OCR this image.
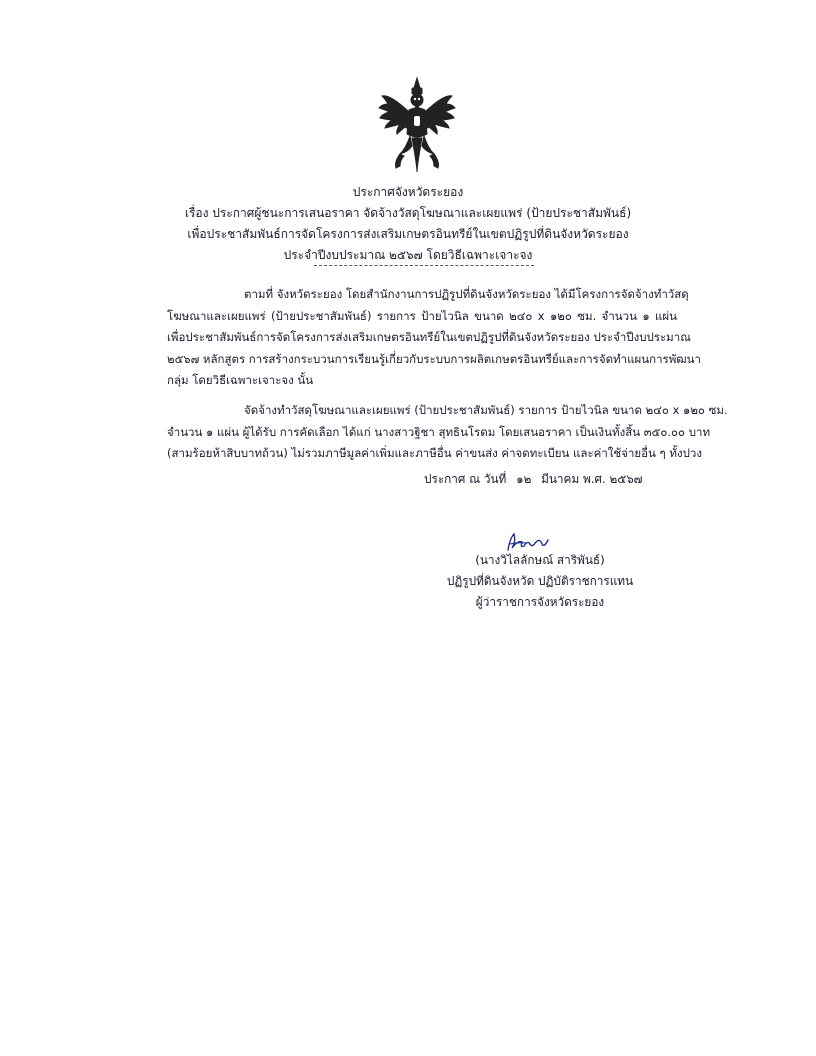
ประกาศจังหวัดระยอง
เรื่อง ประกาศผู้ชนะการเสนอราคา จัดจ้างวัสดุโฆษณาและเผยแพร่ (ป้ายประชาสัมพันธ์)
เพื่อประชาสัมพันธ์การจัดโครงการส่งเสริมเกษตรอินทรีย์ในเขตปฏิรูปที่ดินจังหวัดระยอง
ประจำปีงบประมาณ ๒๕๖๗ โดยวิธีเฉพาะเจาะจง
ตามที่ จังหวัดระยอง โดยสำนักงานการปฏิรูปที่ดินจังหวัดระยอง ได้มีโครงการจัดจ้างทำวัสดุ
โฆษณาและเผยแพร่ (ป้ายประชาสัมพันธ์) รายการ ป้ายไวนิล ขนาด ๒๔๐ x ๑๒๐ ซม. จำนวน ๑ แผ่น
เพื่อประชาสัมพันธ์การจัดโครงการส่งเสริมเกษตรอินทรีย์ในเขตปฏิรูปที่ดินจังหวัดระยอง ประจำปีงบประมาณ
๒๕๖๗ หลักสูตร การสร้างกระบวนการเรียนรู้เกี่ยวกับระบบการผลิตเกษตรอินทรีย์และการจัดทำแผนการพัฒนา
กลุ่ม โดยวิธีเฉพาะเจาะจง นั้น
จัดจ้างทำวัสดุโฆษณาและเผยแพร่ (ป้ายประชาสัมพันธ์) รายการ ป้ายไวนิล ขนาด ๒๔๐ x ๑๒๐ ซม.
จำนวน ๑ แผ่น ผู้ได้รับ การคัดเลือก ได้แก่ นางสาวฐิชา สุทธินโรดม โดยเสนอราคา เป็นเงินทั้งสิ้น ๓๕๐.๐๐ บาท
(สามร้อยห้าสิบบาทถ้วน) ไม่รวมภาษีมูลค่าเพิ่มและภาษีอื่น ค่าขนส่ง ค่าจดทะเบียน และค่าใช้จ่ายอื่น ๆ ทั้งปวง
ประกาศ ณ วันที่ ๑๒ มีนาคม พ.ศ. ๒๕๖๗
(นางวิไลลักษณ์ สาริพันธ์)
ปฏิรูปที่ดินจังหวัด ปฏิบัติราชการแทน
ผู้ว่าราชการจังหวัดระยอง
